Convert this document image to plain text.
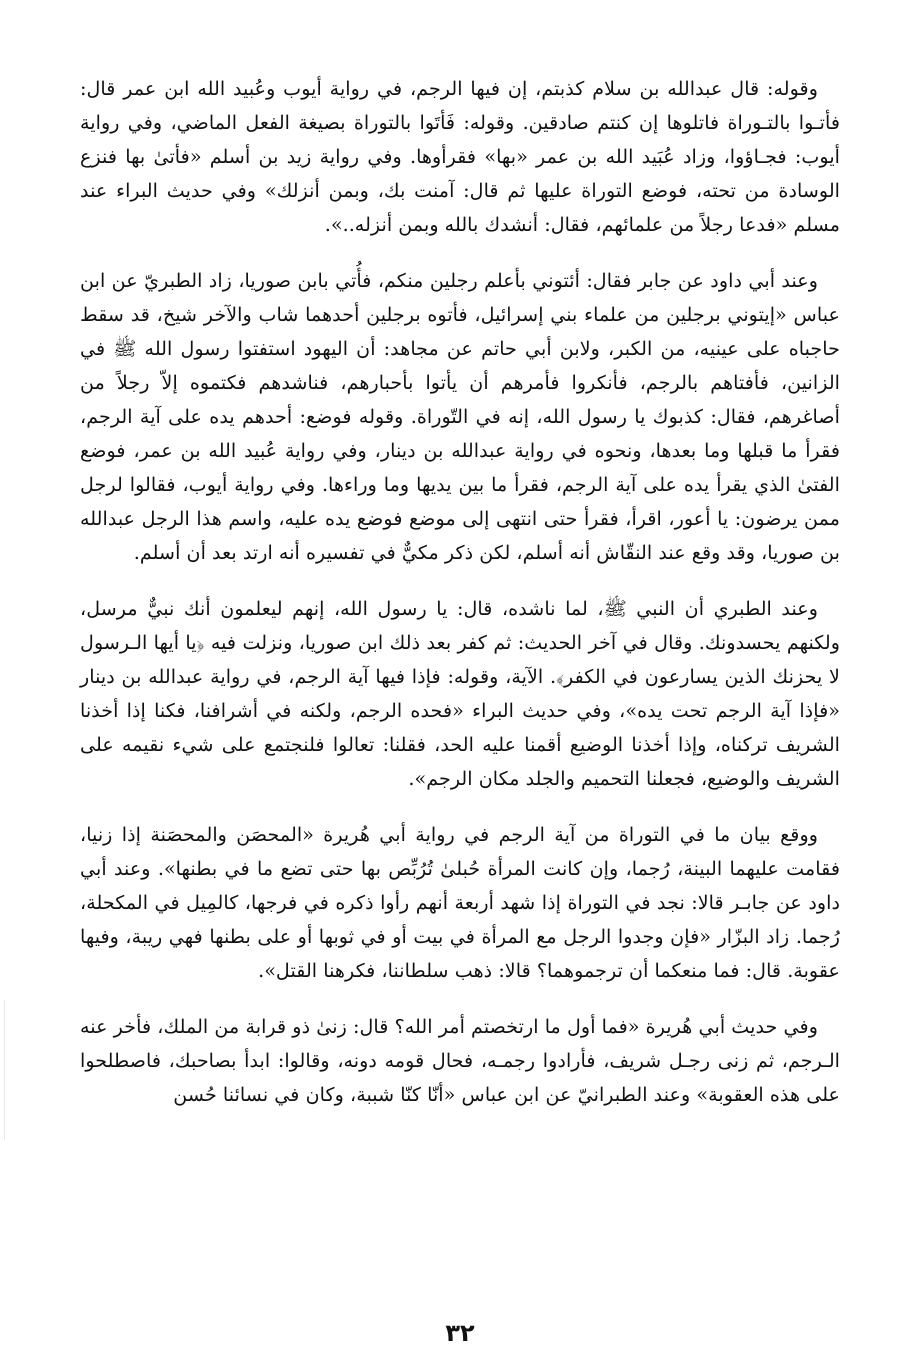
وقوله: قال عبدالله بن سلام كذبتم، إن فيها الرجم، في رواية أيوب وعُبيد الله ابن عمر قال: فأتـوا بالتـوراة فاتلوها إن كنتم صادقين. وقوله: فَأتَوا بالتوراة بصيغة الفعل الماضي، وفي رواية أيوب: فجـاؤوا، وزاد عُبَيد الله بن عمر «بها» فقرأوها. وفي رواية زيد بن أسلم «فأتىٰ بها فنزع الوسادة من تحته، فوضع التوراة عليها ثم قال: آمنت بك، وبمن أنزلك» وفي حديث البراء عند مسلم «فدعا رجلاً من علمائهم، فقال: أنشدك بالله وبمن أنزله..».

وعند أبي داود عن جابر فقال: أئتوني بأعلم رجلين منكم، فأُتي بابن صوريا، زاد الطبريّ عن ابن عباس «إيتوني برجلين من علماء بني إسرائيل، فأتوه برجلين أحدهما شاب والآخر شيخ، قد سقط حاجباه على عينيه، من الكبر، ولابن أبي حاتم عن مجاهد: أن اليهود استفتوا رسول الله ﷺ في الزانين، فأفتاهم بالرجم، فأنكروا فأمرهم أن يأتوا بأحبارهم، فناشدهم فكتموه إلاّ رجلاً من أصاغرهم، فقال: كذبوك يا رسول الله، إنه في التّوراة. وقوله فوضع: أحدهم يده على آية الرجم، فقرأ ما قبلها وما بعدها، ونحوه في رواية عبدالله بن دينار، وفي رواية عُبيد الله بن عمر، فوضع الفتىٰ الذي يقرأ يده على آية الرجم، فقرأ ما بين يديها وما وراءها. وفي رواية أيوب، فقالوا لرجل ممن يرضون: يا أعور، اقرأ، فقرأ حتى انتهى إلى موضع فوضع يده عليه، واسم هذا الرجل عبدالله بن صوريا، وقد وقع عند النقّاش أنه أسلم، لكن ذكر مكيٌّ في تفسيره أنه ارتد بعد أن أسلم.

وعند الطبري أن النبي ﷺ، لما ناشده، قال: يا رسول الله، إنهم ليعلمون أنك نبيٌّ مرسل، ولكنهم يحسدونك. وقال في آخر الحديث: ثم كفر بعد ذلك ابن صوريا، ونزلت فيه ﴿يا أيها الـرسول لا يحزنك الذين يسارعون في الكفر﴾. الآية، وقوله: فإذا فيها آية الرجم، في رواية عبدالله بن دينار «فإذا آية الرجم تحت يده»، وفي حديث البراء «فحده الرجم، ولكنه في أشرافنا، فكنا إذا أخذنا الشريف تركناه، وإذا أخذنا الوضيع أقمنا عليه الحد، فقلنا: تعالوا فلنجتمع على شيء نقيمه على الشريف والوضيع، فجعلنا التحميم والجلد مكان الرجم».

ووقع بيان ما في التوراة من آية الرجم في رواية أبي هُريرة «المحصَن والمحصَنة إذا زنيا، فقامت عليهما البينة، رُجما، وإن كانت المرأة حُبلىٰ تُرُبِّص بها حتى تضع ما في بطنها». وعند أبي داود عن جابـر قالا: نجد في التوراة إذا شهد أربعة أنهم رأوا ذكره في فرجها، كالمِيل في المكحلة، رُجما. زاد البزّار «فإن وجدوا الرجل مع المرأة في بيت أو في ثوبها أو على بطنها فهي ريبة، وفيها عقوبة. قال: فما منعكما أن ترجموهما؟ قالا: ذهب سلطاننا، فكرهنا القتل».

وفي حديث أبي هُريرة «فما أول ما ارتخصتم أمر الله؟ قال: زنىٰ ذو قرابة من الملك، فأخر عنه الـرجم، ثم زنى رجـل شريف، فأرادوا رجمـه، فحال قومه دونه، وقالوا: ابدأ بصاحبك، فاصطلحوا على هذه العقوبة» وعند الطبرانيّ عن ابن عباس «أنّا كنّا شببة، وكان في نسائنا حُسن

٣٢
